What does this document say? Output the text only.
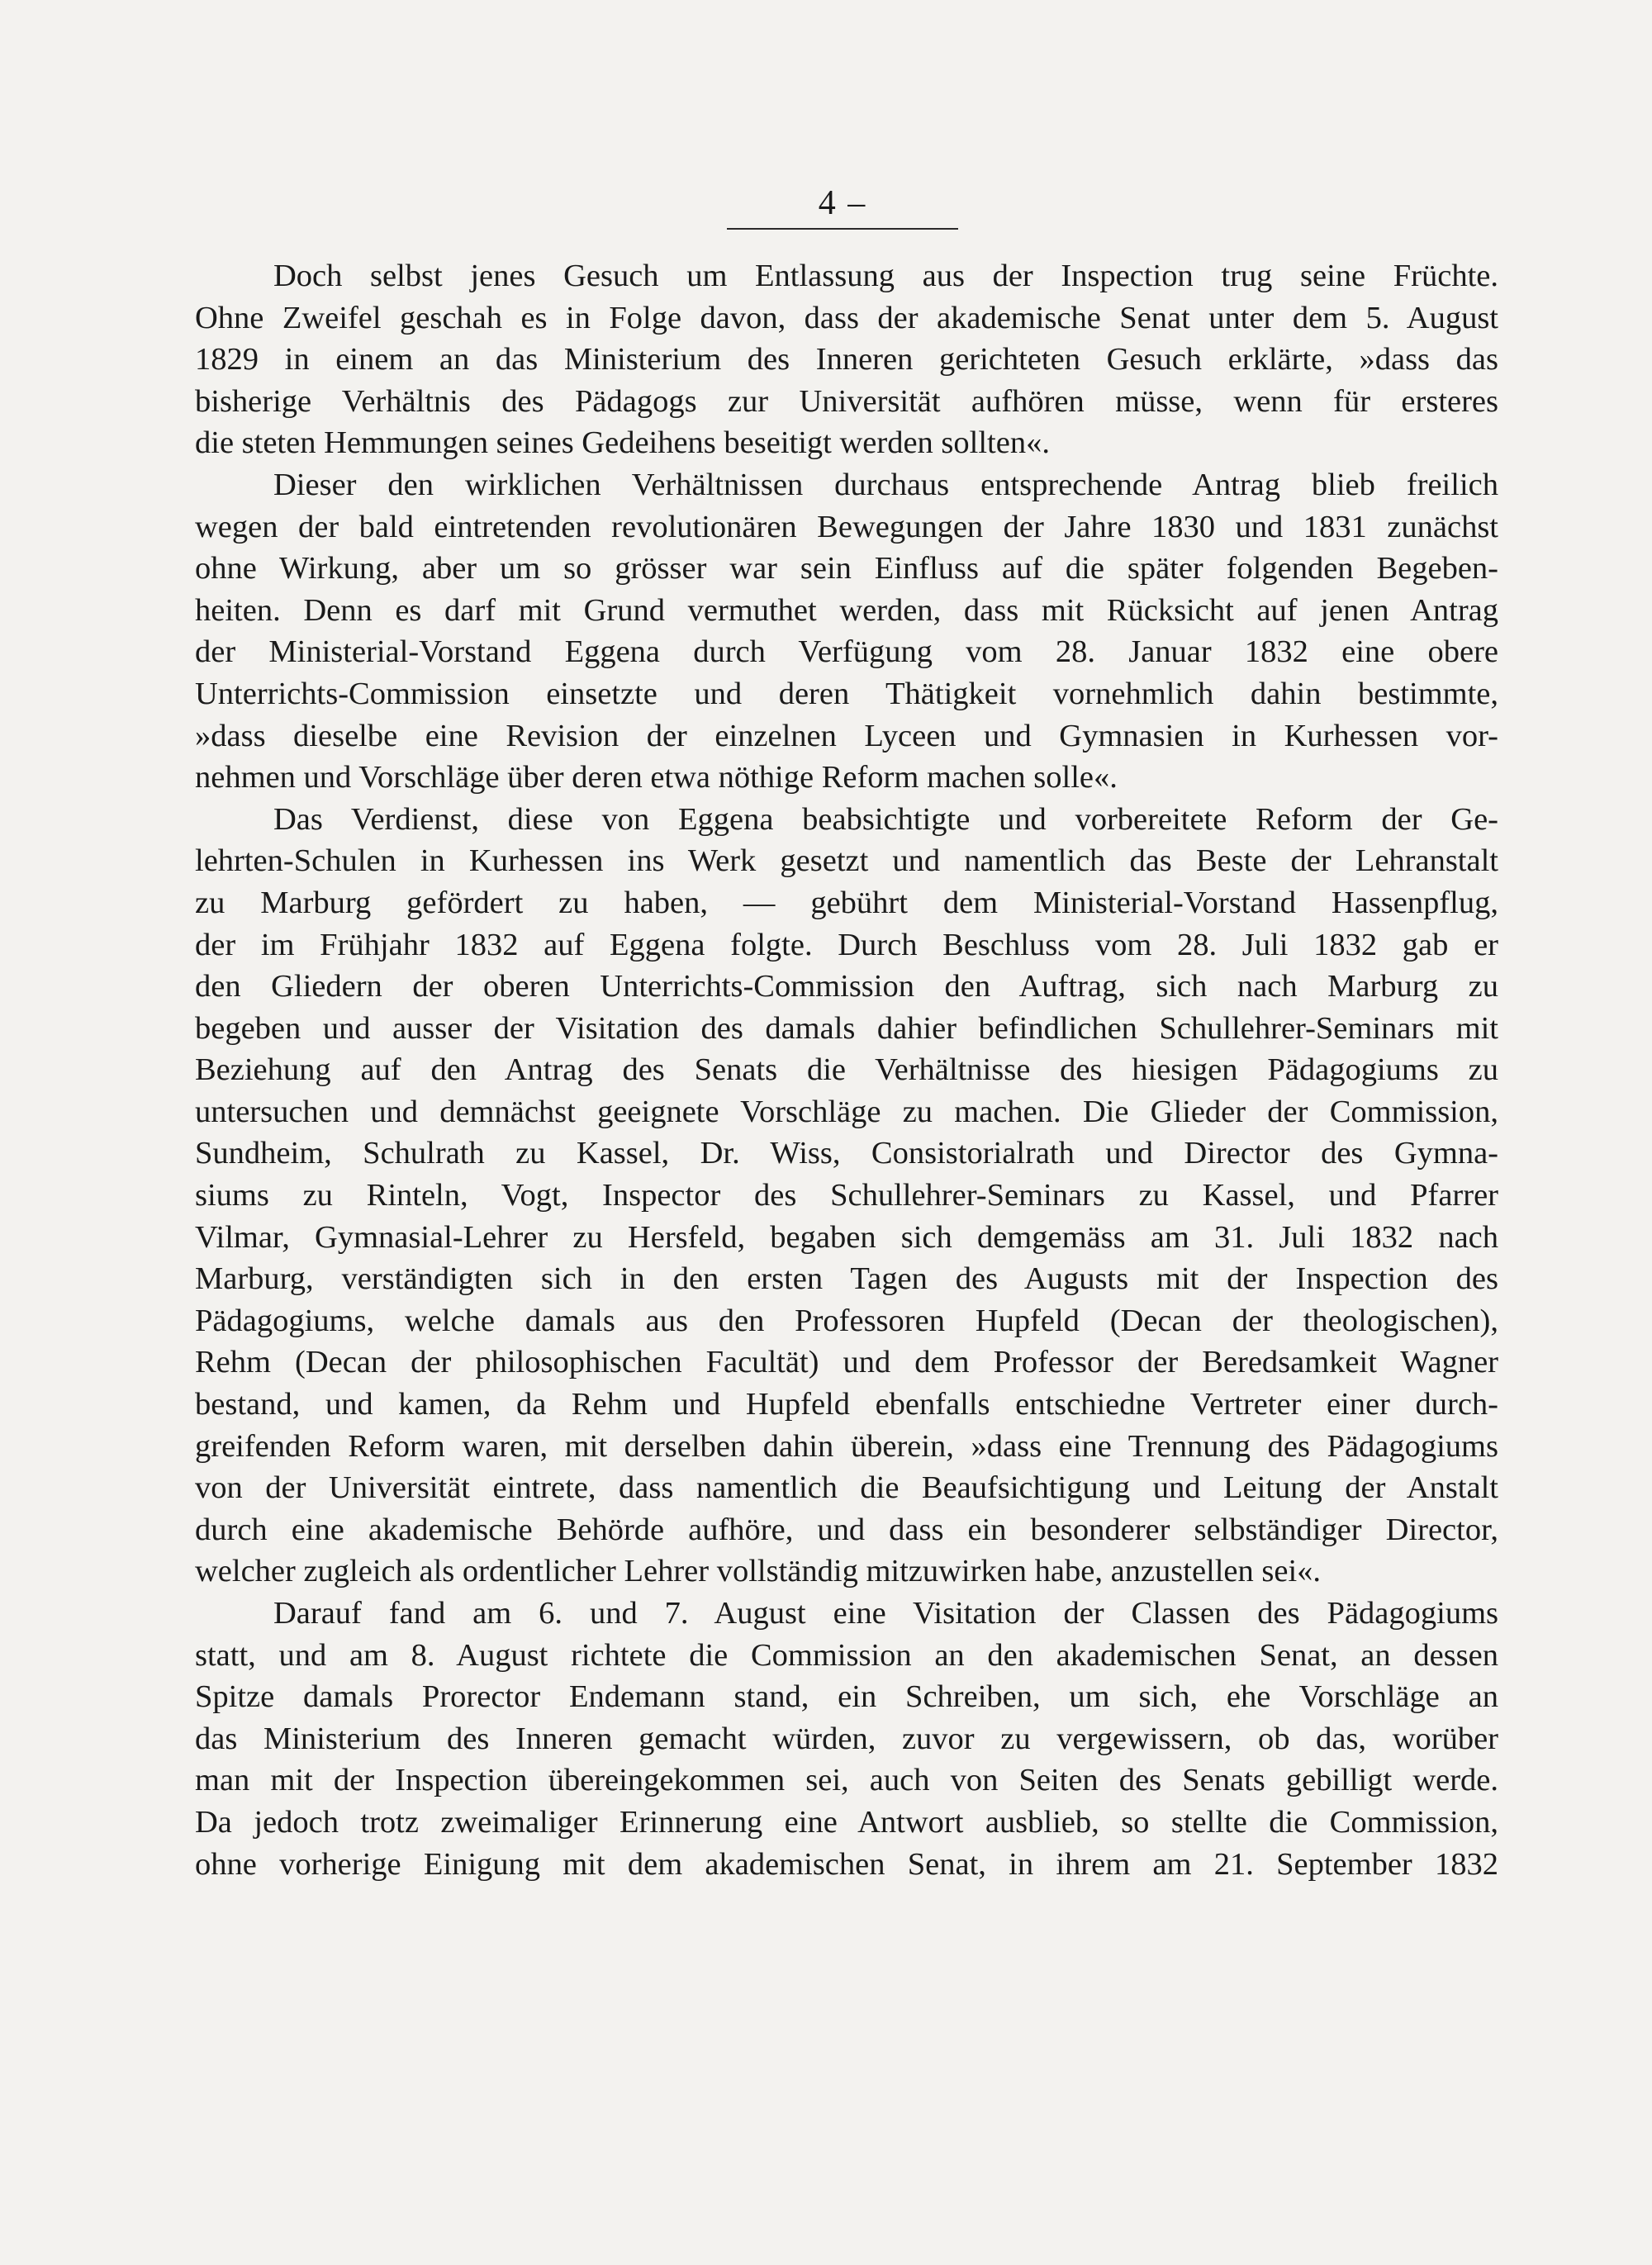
4 –
Doch selbst jenes Gesuch um Entlassung aus der Inspection trug seine Früchte.
Ohne Zweifel geschah es in Folge davon, dass der akademische Senat unter dem 5. August
1829 in einem an das Ministerium des Inneren gerichteten Gesuch erklärte, »dass das
bisherige Verhältnis des Pädagogs zur Universität aufhören müsse, wenn für ersteres
die steten Hemmungen seines Gedeihens beseitigt werden sollten«.
Dieser den wirklichen Verhältnissen durchaus entsprechende Antrag blieb freilich
wegen der bald eintretenden revolutionären Bewegungen der Jahre 1830 und 1831 zunächst
ohne Wirkung, aber um so grösser war sein Einfluss auf die später folgenden Begeben-
heiten. Denn es darf mit Grund vermuthet werden, dass mit Rücksicht auf jenen Antrag
der Ministerial-Vorstand Eggena durch Verfügung vom 28. Januar 1832 eine obere
Unterrichts-Commission einsetzte und deren Thätigkeit vornehmlich dahin bestimmte,
»dass dieselbe eine Revision der einzelnen Lyceen und Gymnasien in Kurhessen vor-
nehmen und Vorschläge über deren etwa nöthige Reform machen solle«.
Das Verdienst, diese von Eggena beabsichtigte und vorbereitete Reform der Ge-
lehrten-Schulen in Kurhessen ins Werk gesetzt und namentlich das Beste der Lehranstalt
zu Marburg gefördert zu haben, — gebührt dem Ministerial-Vorstand Hassenpflug,
der im Frühjahr 1832 auf Eggena folgte. Durch Beschluss vom 28. Juli 1832 gab er
den Gliedern der oberen Unterrichts-Commission den Auftrag, sich nach Marburg zu
begeben und ausser der Visitation des damals dahier befindlichen Schullehrer-Seminars mit
Beziehung auf den Antrag des Senats die Verhältnisse des hiesigen Pädagogiums zu
untersuchen und demnächst geeignete Vorschläge zu machen. Die Glieder der Commission,
Sundheim, Schulrath zu Kassel, Dr. Wiss, Consistorialrath und Director des Gymna-
siums zu Rinteln, Vogt, Inspector des Schullehrer-Seminars zu Kassel, und Pfarrer
Vilmar, Gymnasial-Lehrer zu Hersfeld, begaben sich demgemäss am 31. Juli 1832 nach
Marburg, verständigten sich in den ersten Tagen des Augusts mit der Inspection des
Pädagogiums, welche damals aus den Professoren Hupfeld (Decan der theologischen),
Rehm (Decan der philosophischen Facultät) und dem Professor der Beredsamkeit Wagner
bestand, und kamen, da Rehm und Hupfeld ebenfalls entschiedne Vertreter einer durch-
greifenden Reform waren, mit derselben dahin überein, »dass eine Trennung des Pädagogiums
von der Universität eintrete, dass namentlich die Beaufsichtigung und Leitung der Anstalt
durch eine akademische Behörde aufhöre, und dass ein besonderer selbständiger Director,
welcher zugleich als ordentlicher Lehrer vollständig mitzuwirken habe, anzustellen sei«.
Darauf fand am 6. und 7. August eine Visitation der Classen des Pädagogiums
statt, und am 8. August richtete die Commission an den akademischen Senat, an dessen
Spitze damals Prorector Endemann stand, ein Schreiben, um sich, ehe Vorschläge an
das Ministerium des Inneren gemacht würden, zuvor zu vergewissern, ob das, worüber
man mit der Inspection übereingekommen sei, auch von Seiten des Senats gebilligt werde.
Da jedoch trotz zweimaliger Erinnerung eine Antwort ausblieb, so stellte die Commission,
ohne vorherige Einigung mit dem akademischen Senat, in ihrem am 21. September 1832
